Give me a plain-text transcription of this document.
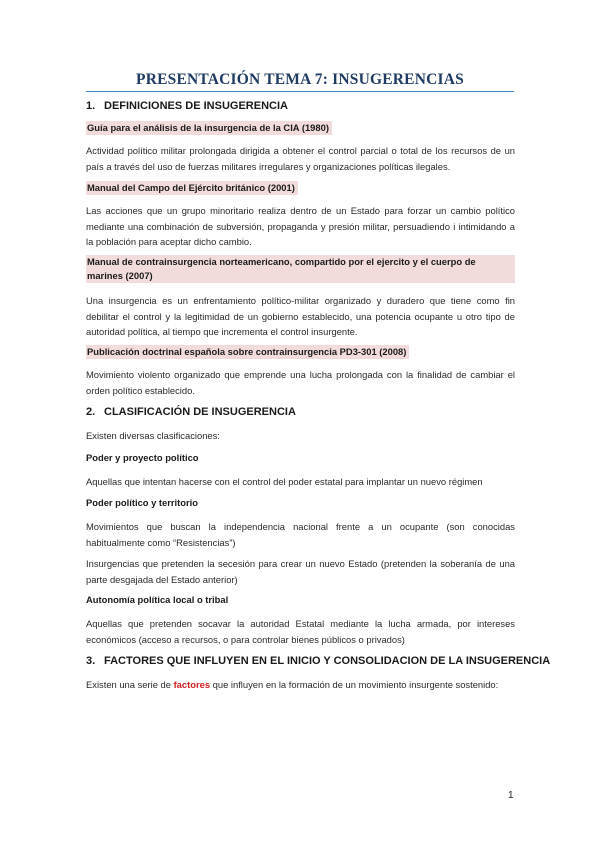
PRESENTACIÓN TEMA 7: INSUGERENCIAS
1. DEFINICIONES DE INSUGERENCIA
Guía para el análisis de la insurgencia de la CIA (1980)

Actividad político militar prolongada dirigida a obtener el control parcial o total de los recursos de un país a través del uso de fuerzas militares irregulares y organizaciones políticas ilegales.

Manual del Campo del Ejército británico (2001)

Las acciones que un grupo minoritario realiza dentro de un Estado para forzar un cambio político mediante una combinación de subversión, propaganda y presión militar, persuadiendo i intimidando a la población para aceptar dicho cambio.

Manual de contrainsurgencia norteamericano, compartido por el ejercito y el cuerpo de marines (2007)

Una insurgencia es un enfrentamiento político-militar organizado y duradero que tiene como fin debilitar el control y la legitimidad de un gobierno establecido, una potencia ocupante u otro tipo de autoridad política, al tiempo que incrementa el control insurgente.

Publicación doctrinal española sobre contrainsurgencia PD3-301 (2008)

Movimiento violento organizado que emprende una lucha prolongada con la finalidad de cambiar el orden político establecido.

2. CLASIFICACIÓN DE INSUGERENCIA

Existen diversas clasificaciones:

Poder y proyecto político

Aquellas que intentan hacerse con el control del poder estatal para implantar un nuevo régimen

Poder político y territorio

Movimientos que buscan la independencia nacional frente a un ocupante (son conocidas habitualmente como “Resistencias”)

Insurgencias que pretenden la secesión para crear un nuevo Estado (pretenden la soberanía de una parte desgajada del Estado anterior)

Autonomía política local o tribal

Aquellas que pretenden socavar la autoridad Estatal mediante la lucha armada, por intereses económicos (acceso a recursos, o para controlar bienes públicos o privados)

3. FACTORES QUE INFLUYEN EN EL INICIO Y CONSOLIDACION DE LA INSUGERENCIA

Existen una serie de factores que influyen en la formación de un movimiento insurgente sostenido:

1
